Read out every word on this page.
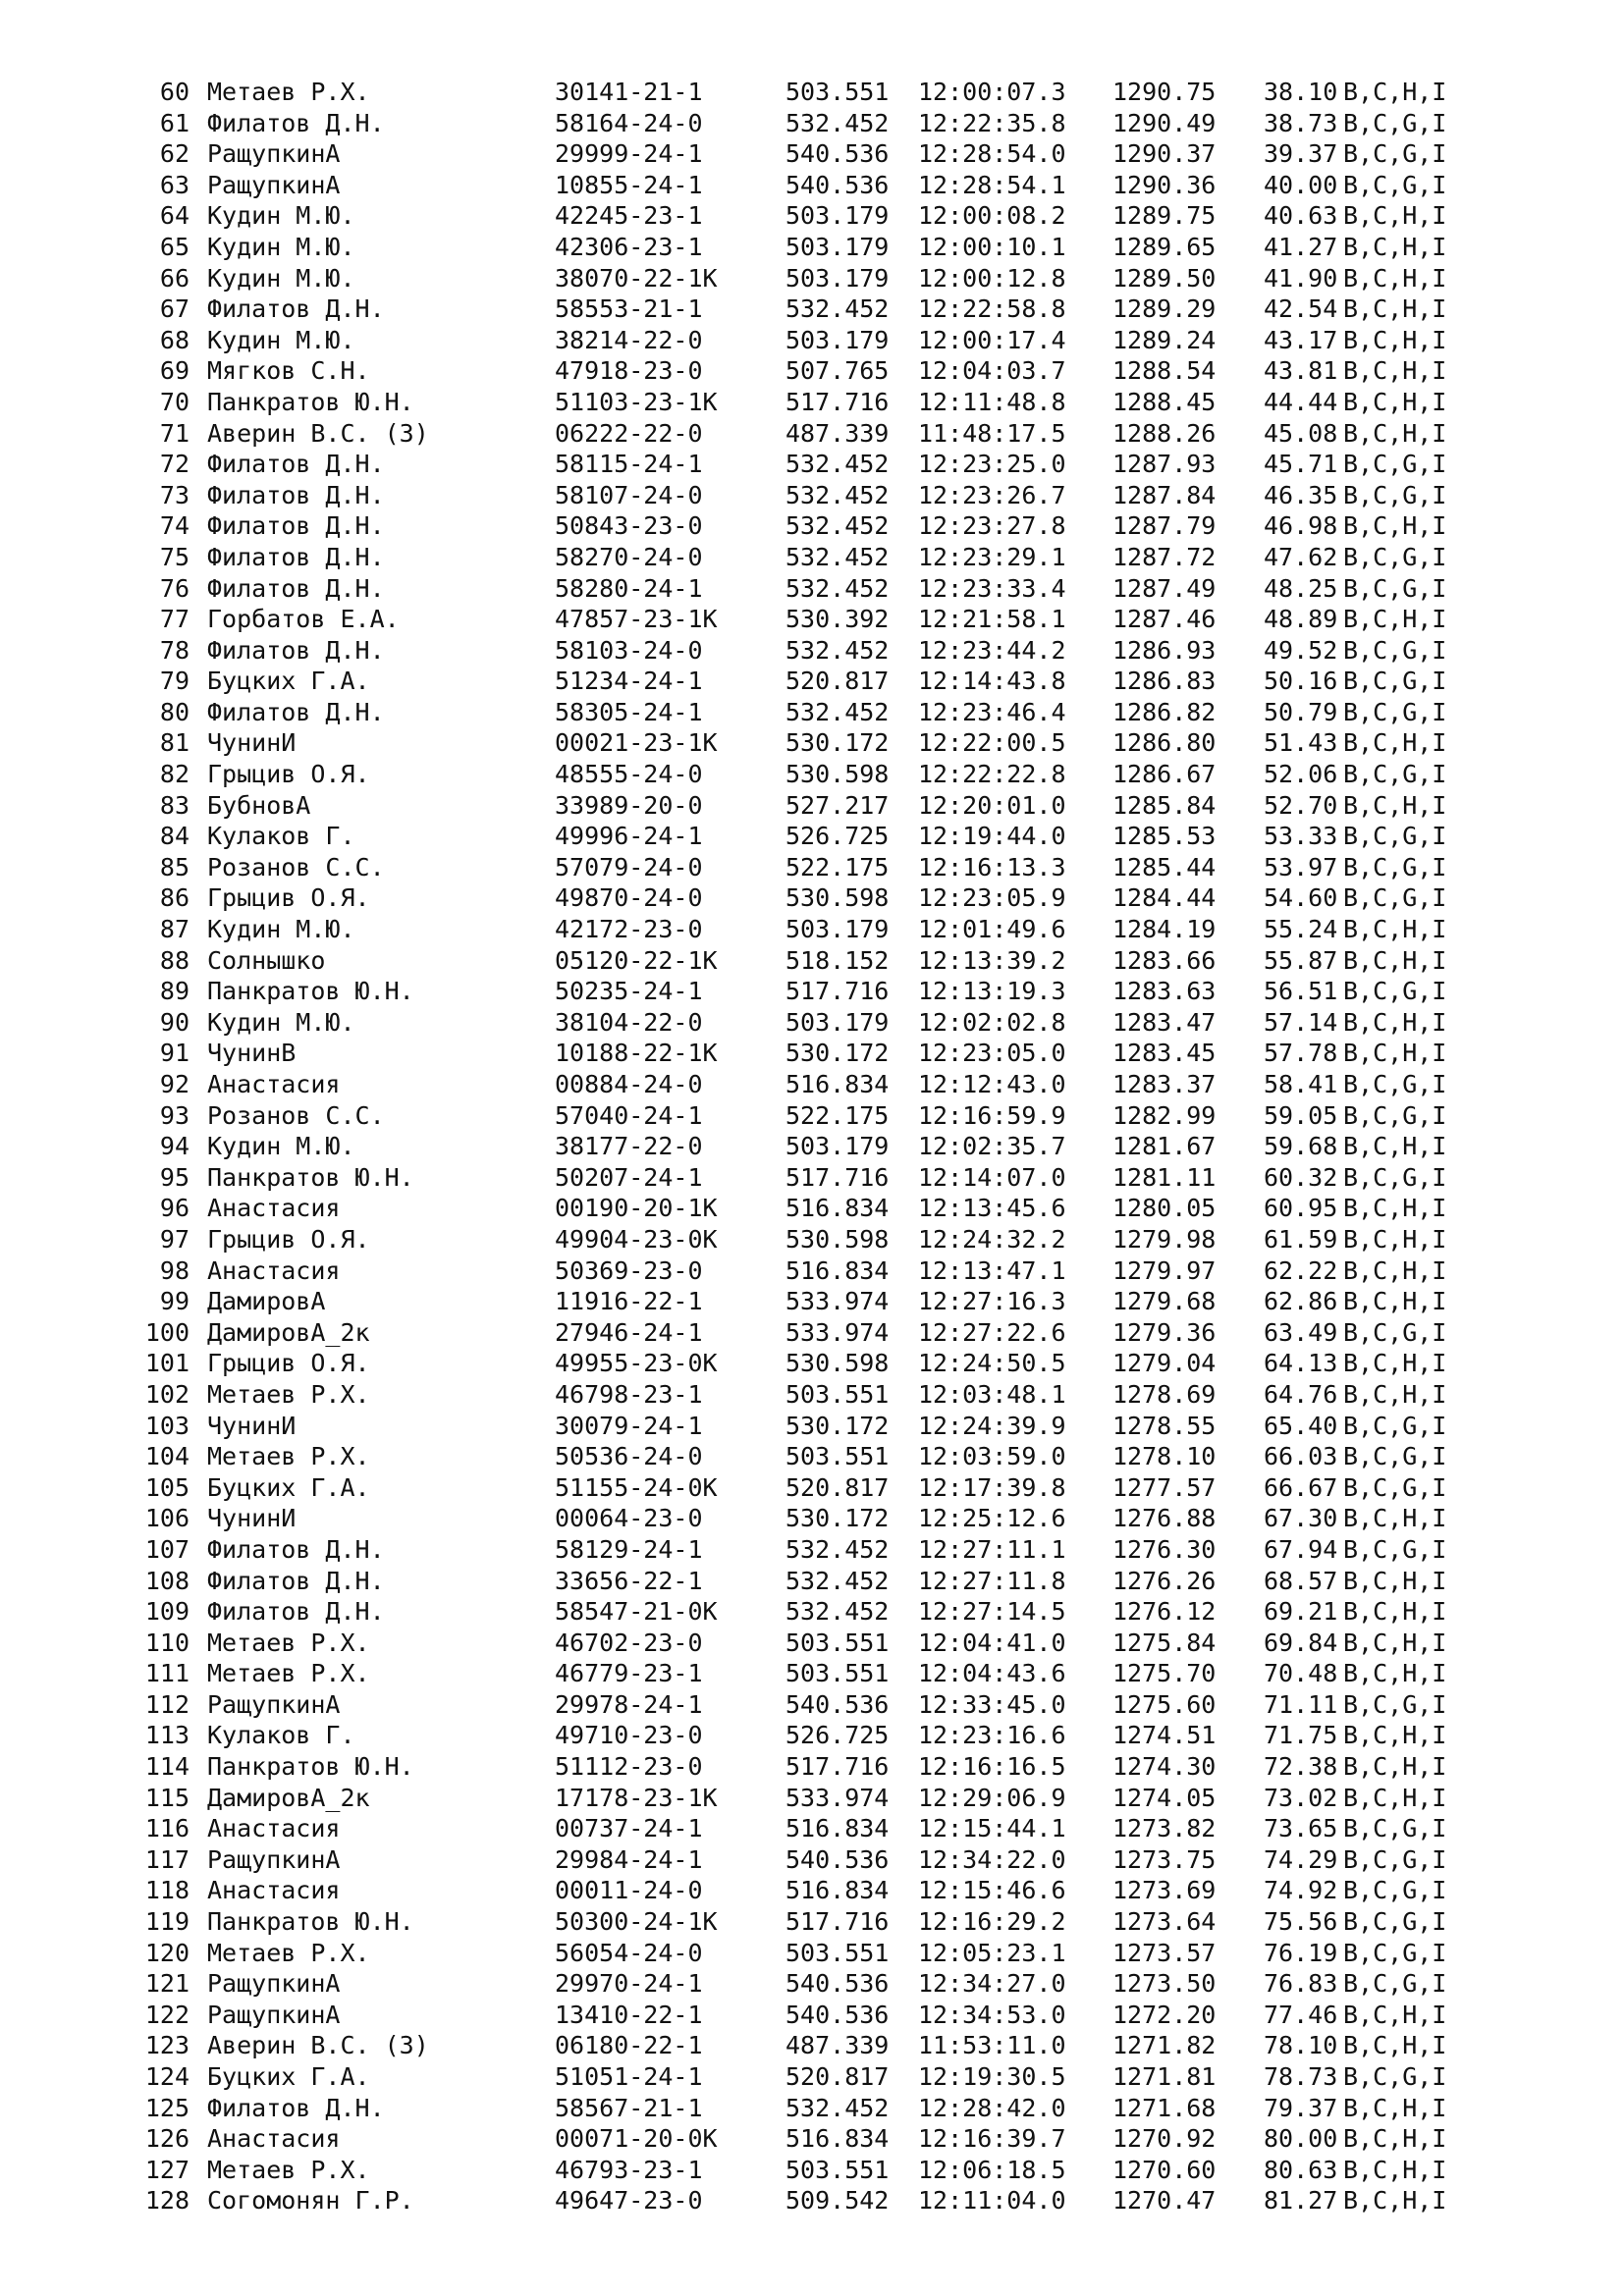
60 Метаев Р.Х.	30141-21-1	503.551 12:00:07.3 1290.75 38.10 B,C,H,I
61 Филатов Д.Н.	58164-24-0	532.452 12:22:35.8 1290.49 38.73 B,C,G,I
62 РащупкинА	29999-24-1	540.536 12:28:54.0 1290.37 39.37 B,C,G,I
63 РащупкинА	10855-24-1	540.536 12:28:54.1 1290.36 40.00 B,C,G,I
64 Кудин М.Ю.	42245-23-1	503.179 12:00:08.2 1289.75 40.63 B,C,H,I
65 Кудин М.Ю.	42306-23-1	503.179 12:00:10.1 1289.65 41.27 B,C,H,I
66 Кудин М.Ю.	38070-22-1К	503.179 12:00:12.8 1289.50 41.90 B,C,H,I
67 Филатов Д.Н.	58553-21-1	532.452 12:22:58.8 1289.29 42.54 B,C,H,I
68 Кудин М.Ю.	38214-22-0	503.179 12:00:17.4 1289.24 43.17 B,C,H,I
69 Мягков С.Н.	47918-23-0	507.765 12:04:03.7 1288.54 43.81 B,C,H,I
70 Панкратов Ю.Н.	51103-23-1К	517.716 12:11:48.8 1288.45 44.44 B,C,H,I
71 Аверин В.С. (З)	06222-22-0	487.339 11:48:17.5 1288.26 45.08 B,C,H,I
72 Филатов Д.Н.	58115-24-1	532.452 12:23:25.0 1287.93 45.71 B,C,G,I
73 Филатов Д.Н.	58107-24-0	532.452 12:23:26.7 1287.84 46.35 B,C,G,I
74 Филатов Д.Н.	50843-23-0	532.452 12:23:27.8 1287.79 46.98 B,C,H,I
75 Филатов Д.Н.	58270-24-0	532.452 12:23:29.1 1287.72 47.62 B,C,G,I
76 Филатов Д.Н.	58280-24-1	532.452 12:23:33.4 1287.49 48.25 B,C,G,I
77 Горбатов Е.А.	47857-23-1К	530.392 12:21:58.1 1287.46 48.89 B,C,H,I
78 Филатов Д.Н.	58103-24-0	532.452 12:23:44.2 1286.93 49.52 B,C,G,I
79 Буцких Г.А.	51234-24-1	520.817 12:14:43.8 1286.83 50.16 B,C,G,I
80 Филатов Д.Н.	58305-24-1	532.452 12:23:46.4 1286.82 50.79 B,C,G,I
81 ЧунинИ	00021-23-1К	530.172 12:22:00.5 1286.80 51.43 B,C,H,I
82 Грыцив О.Я.	48555-24-0	530.598 12:22:22.8 1286.67 52.06 B,C,G,I
83 БубновА	33989-20-0	527.217 12:20:01.0 1285.84 52.70 B,C,H,I
84 Кулаков Г.	49996-24-1	526.725 12:19:44.0 1285.53 53.33 B,C,G,I
85 Розанов С.С.	57079-24-0	522.175 12:16:13.3 1285.44 53.97 B,C,G,I
86 Грыцив О.Я.	49870-24-0	530.598 12:23:05.9 1284.44 54.60 B,C,G,I
87 Кудин М.Ю.	42172-23-0	503.179 12:01:49.6 1284.19 55.24 B,C,H,I
88 Солнышко	05120-22-1К	518.152 12:13:39.2 1283.66 55.87 B,C,H,I
89 Панкратов Ю.Н.	50235-24-1	517.716 12:13:19.3 1283.63 56.51 B,C,G,I
90 Кудин М.Ю.	38104-22-0	503.179 12:02:02.8 1283.47 57.14 B,C,H,I
91 ЧунинВ	10188-22-1К	530.172 12:23:05.0 1283.45 57.78 B,C,H,I
92 Анастасия	00884-24-0	516.834 12:12:43.0 1283.37 58.41 B,C,G,I
93 Розанов С.С.	57040-24-1	522.175 12:16:59.9 1282.99 59.05 B,C,G,I
94 Кудин М.Ю.	38177-22-0	503.179 12:02:35.7 1281.67 59.68 B,C,H,I
95 Панкратов Ю.Н.	50207-24-1	517.716 12:14:07.0 1281.11 60.32 B,C,G,I
96 Анастасия	00190-20-1К	516.834 12:13:45.6 1280.05 60.95 B,C,H,I
97 Грыцив О.Я.	49904-23-0К	530.598 12:24:32.2 1279.98 61.59 B,C,H,I
98 Анастасия	50369-23-0	516.834 12:13:47.1 1279.97 62.22 B,C,H,I
99 ДамировА	11916-22-1	533.974 12:27:16.3 1279.68 62.86 B,C,H,I
100 ДамировА_2к	27946-24-1	533.974 12:27:22.6 1279.36 63.49 B,C,G,I
101 Грыцив О.Я.	49955-23-0К	530.598 12:24:50.5 1279.04 64.13 B,C,H,I
102 Метаев Р.Х.	46798-23-1	503.551 12:03:48.1 1278.69 64.76 B,C,H,I
103 ЧунинИ	30079-24-1	530.172 12:24:39.9 1278.55 65.40 B,C,G,I
104 Метаев Р.Х.	50536-24-0	503.551 12:03:59.0 1278.10 66.03 B,C,G,I
105 Буцких Г.А.	51155-24-0К	520.817 12:17:39.8 1277.57 66.67 B,C,G,I
106 ЧунинИ	00064-23-0	530.172 12:25:12.6 1276.88 67.30 B,C,H,I
107 Филатов Д.Н.	58129-24-1	532.452 12:27:11.1 1276.30 67.94 B,C,G,I
108 Филатов Д.Н.	33656-22-1	532.452 12:27:11.8 1276.26 68.57 B,C,H,I
109 Филатов Д.Н.	58547-21-0К	532.452 12:27:14.5 1276.12 69.21 B,C,H,I
110 Метаев Р.Х.	46702-23-0	503.551 12:04:41.0 1275.84 69.84 B,C,H,I
111 Метаев Р.Х.	46779-23-1	503.551 12:04:43.6 1275.70 70.48 B,C,H,I
112 РащупкинА	29978-24-1	540.536 12:33:45.0 1275.60 71.11 B,C,G,I
113 Кулаков Г.	49710-23-0	526.725 12:23:16.6 1274.51 71.75 B,C,H,I
114 Панкратов Ю.Н.	51112-23-0	517.716 12:16:16.5 1274.30 72.38 B,C,H,I
115 ДамировА_2к	17178-23-1К	533.974 12:29:06.9 1274.05 73.02 B,C,H,I
116 Анастасия	00737-24-1	516.834 12:15:44.1 1273.82 73.65 B,C,G,I
117 РащупкинА	29984-24-1	540.536 12:34:22.0 1273.75 74.29 B,C,G,I
118 Анастасия	00011-24-0	516.834 12:15:46.6 1273.69 74.92 B,C,G,I
119 Панкратов Ю.Н.	50300-24-1К	517.716 12:16:29.2 1273.64 75.56 B,C,G,I
120 Метаев Р.Х.	56054-24-0	503.551 12:05:23.1 1273.57 76.19 B,C,G,I
121 РащупкинА	29970-24-1	540.536 12:34:27.0 1273.50 76.83 B,C,G,I
122 РащупкинА	13410-22-1	540.536 12:34:53.0 1272.20 77.46 B,C,H,I
123 Аверин В.С. (З)	06180-22-1	487.339 11:53:11.0 1271.82 78.10 B,C,H,I
124 Буцких Г.А.	51051-24-1	520.817 12:19:30.5 1271.81 78.73 B,C,G,I
125 Филатов Д.Н.	58567-21-1	532.452 12:28:42.0 1271.68 79.37 B,C,H,I
126 Анастасия	00071-20-0К	516.834 12:16:39.7 1270.92 80.00 B,C,H,I
127 Метаев Р.Х.	46793-23-1	503.551 12:06:18.5 1270.60 80.63 B,C,H,I
128 Согомонян Г.Р.	49647-23-0	509.542 12:11:04.0 1270.47 81.27 B,C,H,I
